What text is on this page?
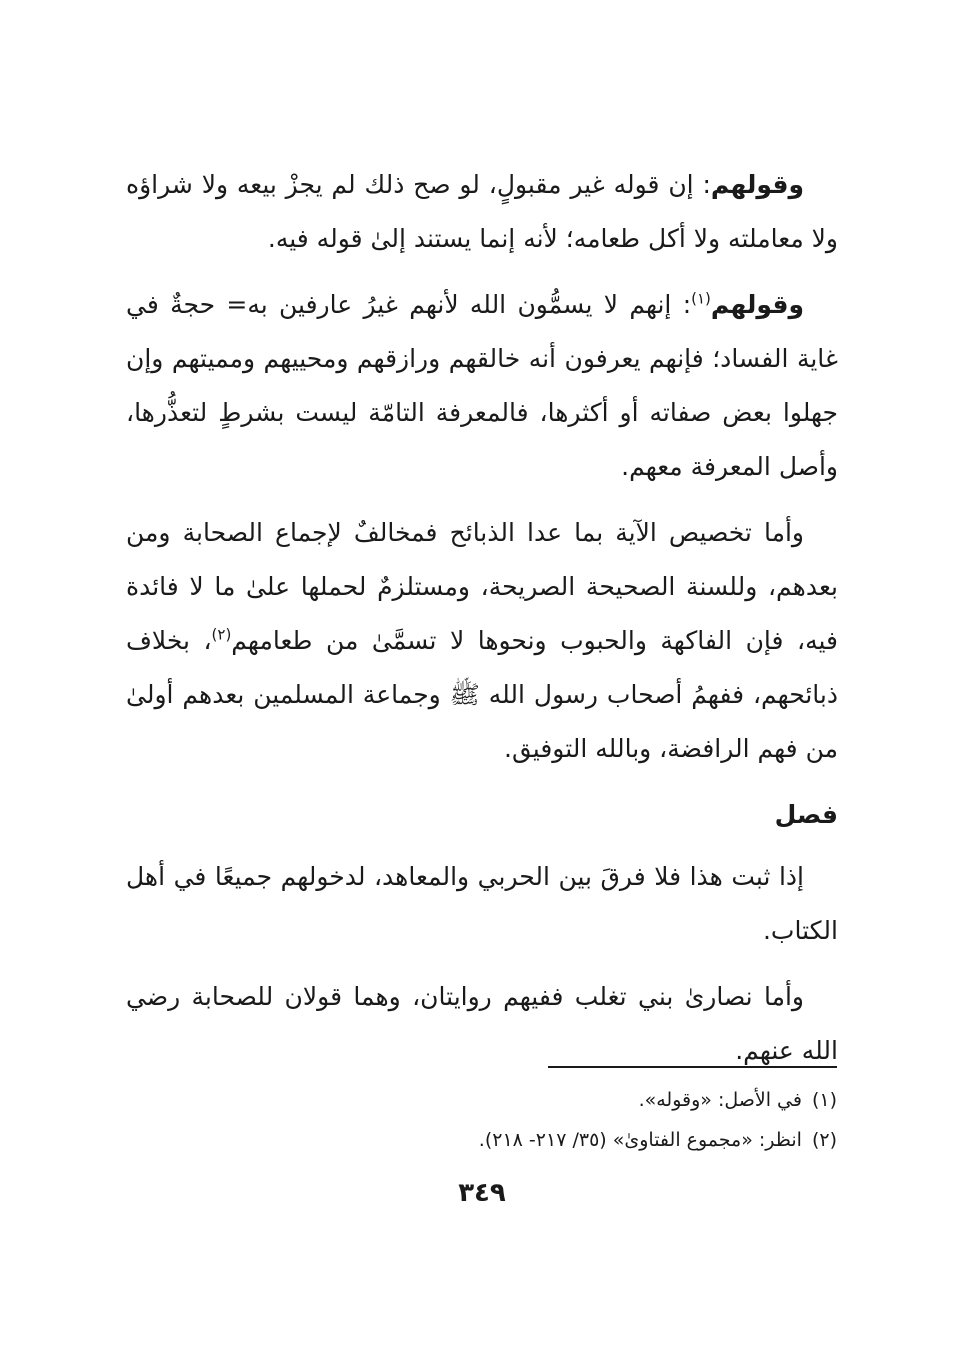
وقولهم: إن قوله غير مقبولٍ، لو صح ذلك لم يجزْ بيعه ولا شراؤه ولا معاملته ولا أكل طعامه؛ لأنه إنما يستند إلىٰ قوله فيه.

وقولهم$^{(١)}$: إنهم لا يسمُّون الله لأنهم غيرُ عارفين به= حجةٌ في غاية الفساد؛ فإنهم يعرفون أنه خالقهم ورازقهم ومحييهم ومميتهم وإن جهلوا بعض صفاته أو أكثرها، فالمعرفة التامّة ليست بشرطٍ لتعذُّرها، وأصل المعرفة معهم.

وأما تخصيص الآية بما عدا الذبائح فمخالفٌ لإجماع الصحابة ومن بعدهم، وللسنة الصحيحة الصريحة، ومستلزمٌ لحملها علىٰ ما لا فائدة فيه، فإن الفاكهة والحبوب ونحوها لا تسمَّىٰ من طعامهم$^{(٢)}$، بخلاف ذبائحهم، ففهمُ أصحاب رسول الله ﷺ وجماعة المسلمين بعدهم أولىٰ من فهم الرافضة، وبالله التوفيق.

فصل

إذا ثبت هذا فلا فرقَ بين الحربي والمعاهد، لدخولهم جميعًا في أهل الكتاب.

وأما نصارىٰ بني تغلب ففيهم روايتان، وهما قولان للصحابة رضي الله عنهم.

(١)في الأصل: «وقوله».

(٢)انظر: «مجموع الفتاوىٰ» (٣٥/ ٢١٧- ٢١٨).

٣٤٩
